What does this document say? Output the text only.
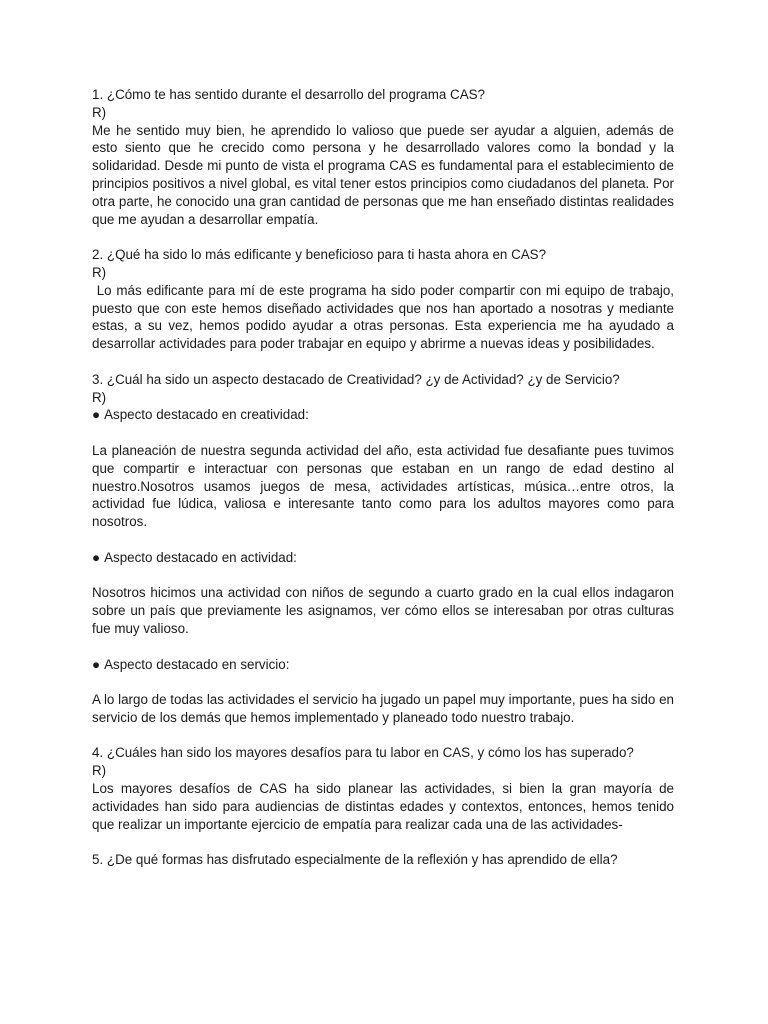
1. ¿Cómo te has sentido durante el desarrollo del programa CAS?

R)

Me he sentido muy bien, he aprendido lo valioso que puede ser ayudar a alguien, además de esto siento que he crecido como persona y he desarrollado valores como la bondad y la solidaridad. Desde mi punto de vista el programa CAS es fundamental para el establecimiento de principios positivos a nivel global, es vital tener estos principios como ciudadanos del planeta. Por otra parte, he conocido una gran cantidad de personas que me han enseñado distintas realidades que me ayudan a desarrollar empatía.

2. ¿Qué ha sido lo más edificante y beneficioso para ti hasta ahora en CAS?

R)

Lo más edificante para mí de este programa ha sido poder compartir con mi equipo de trabajo, puesto que con este hemos diseñado actividades que nos han aportado a nosotras y mediante estas, a su vez, hemos podido ayudar a otras personas. Esta experiencia me ha ayudado a desarrollar actividades para poder trabajar en equipo y abrirme a nuevas ideas y posibilidades.

3. ¿Cuál ha sido un aspecto destacado de Creatividad? ¿y de Actividad? ¿y de Servicio?

R)

● Aspecto destacado en creatividad:

La planeación de nuestra segunda actividad del año, esta actividad fue desafiante pues tuvimos que compartir e interactuar con personas que estaban en un rango de edad destino al nuestro.Nosotros usamos juegos de mesa, actividades artísticas, música…entre otros, la actividad fue lúdica, valiosa e interesante tanto como para los adultos mayores como para nosotros.

● Aspecto destacado en actividad:

Nosotros hicimos una actividad con niños de segundo a cuarto grado en la cual ellos indagaron sobre un país que previamente les asignamos, ver cómo ellos se interesaban por otras culturas fue muy valioso.

● Aspecto destacado en servicio:

A lo largo de todas las actividades el servicio ha jugado un papel muy importante, pues ha sido en servicio de los demás que hemos implementado y planeado todo nuestro trabajo.

4. ¿Cuáles han sido los mayores desafíos para tu labor en CAS, y cómo los has superado?

R)

Los mayores desafíos de CAS ha sido planear las actividades, si bien la gran mayoría de actividades han sido para audiencias de distintas edades y contextos, entonces, hemos tenido que realizar un importante ejercicio de empatía para realizar cada una de las actividades-

5. ¿De qué formas has disfrutado especialmente de la reflexión y has aprendido de ella?
